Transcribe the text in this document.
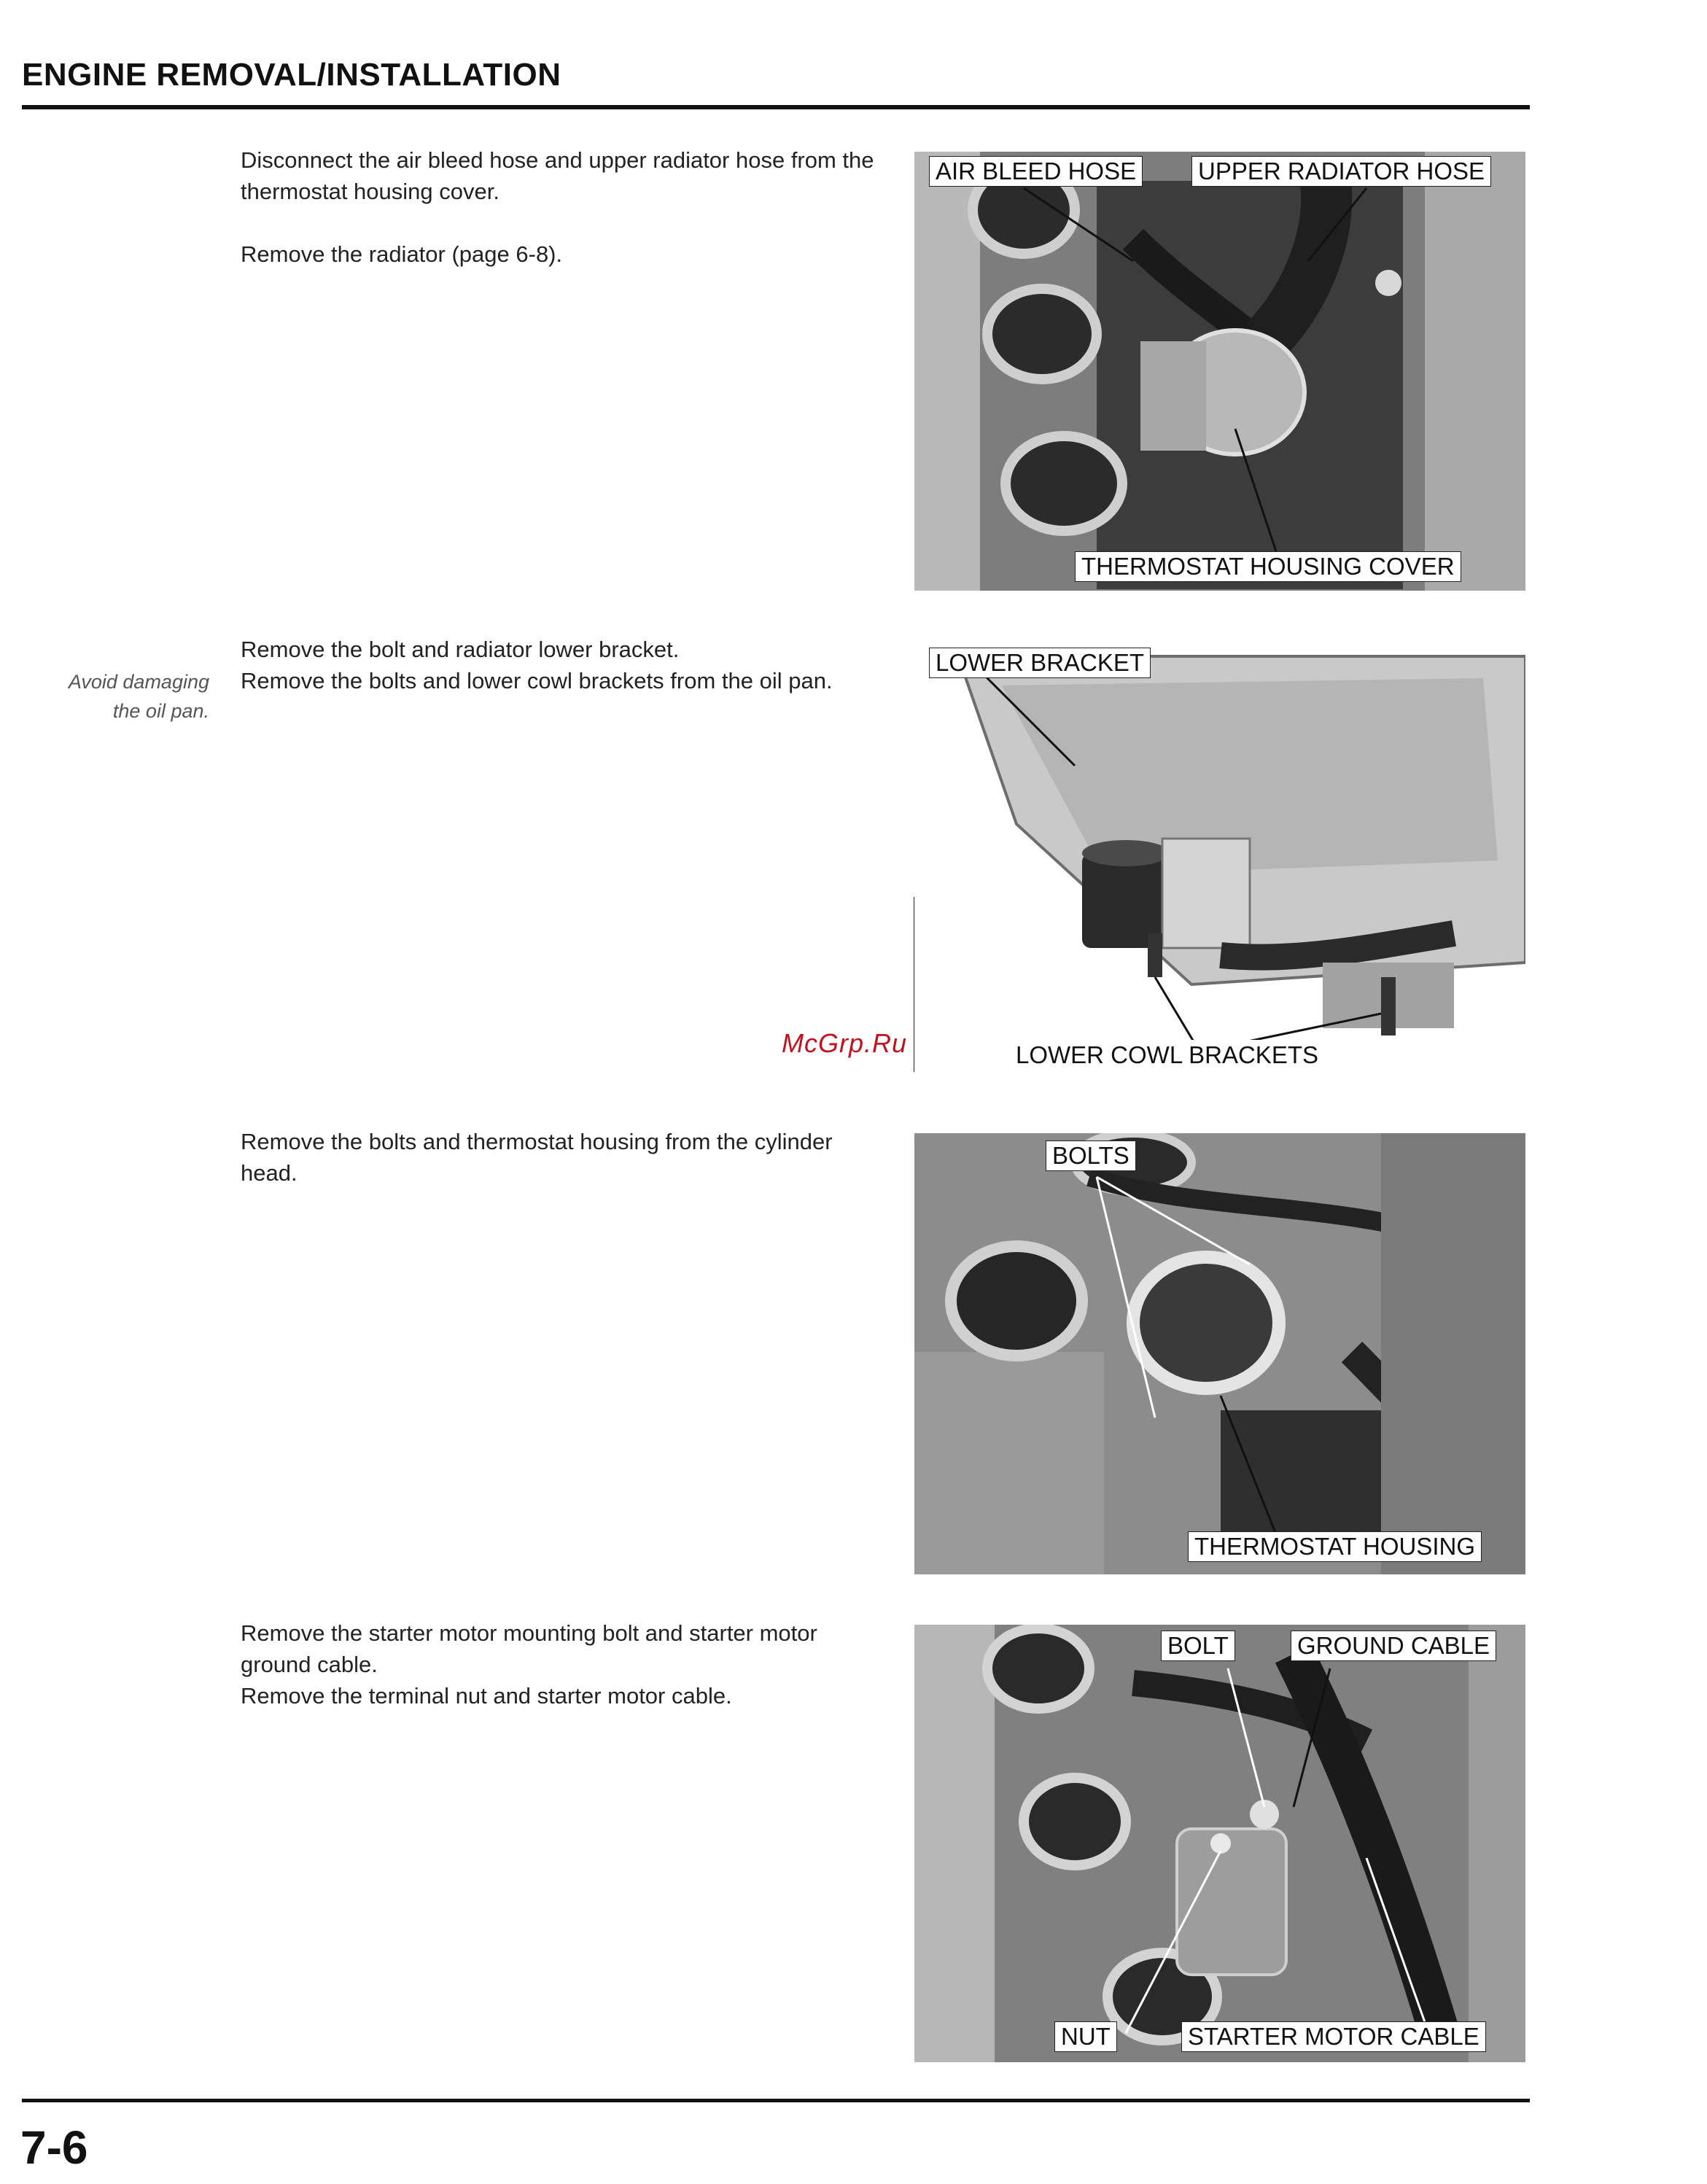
ENGINE REMOVAL/INSTALLATION

Disconnect the air bleed hose and upper radiator hose from the thermostat housing cover.

Remove the radiator (page 6-8).

AIR BLEED HOSE	UPPER RADIATOR HOSE
THERMOSTAT HOUSING COVER

Remove the bolt and radiator lower bracket.

Remove the bolts and lower cowl brackets from the oil pan.

Avoid damaging
the oil pan.
LOWER BRACKET
LOWER COWL BRACKETS
McGrp.Ru

Remove the bolts and thermostat housing from the cylinder head.

BOLTS
THERMOSTAT HOUSING

Remove the starter motor mounting bolt and starter motor ground cable.

Remove the terminal nut and starter motor cable.

BOLT	GROUND CABLE
NUT	STARTER MOTOR CABLE
7-6
